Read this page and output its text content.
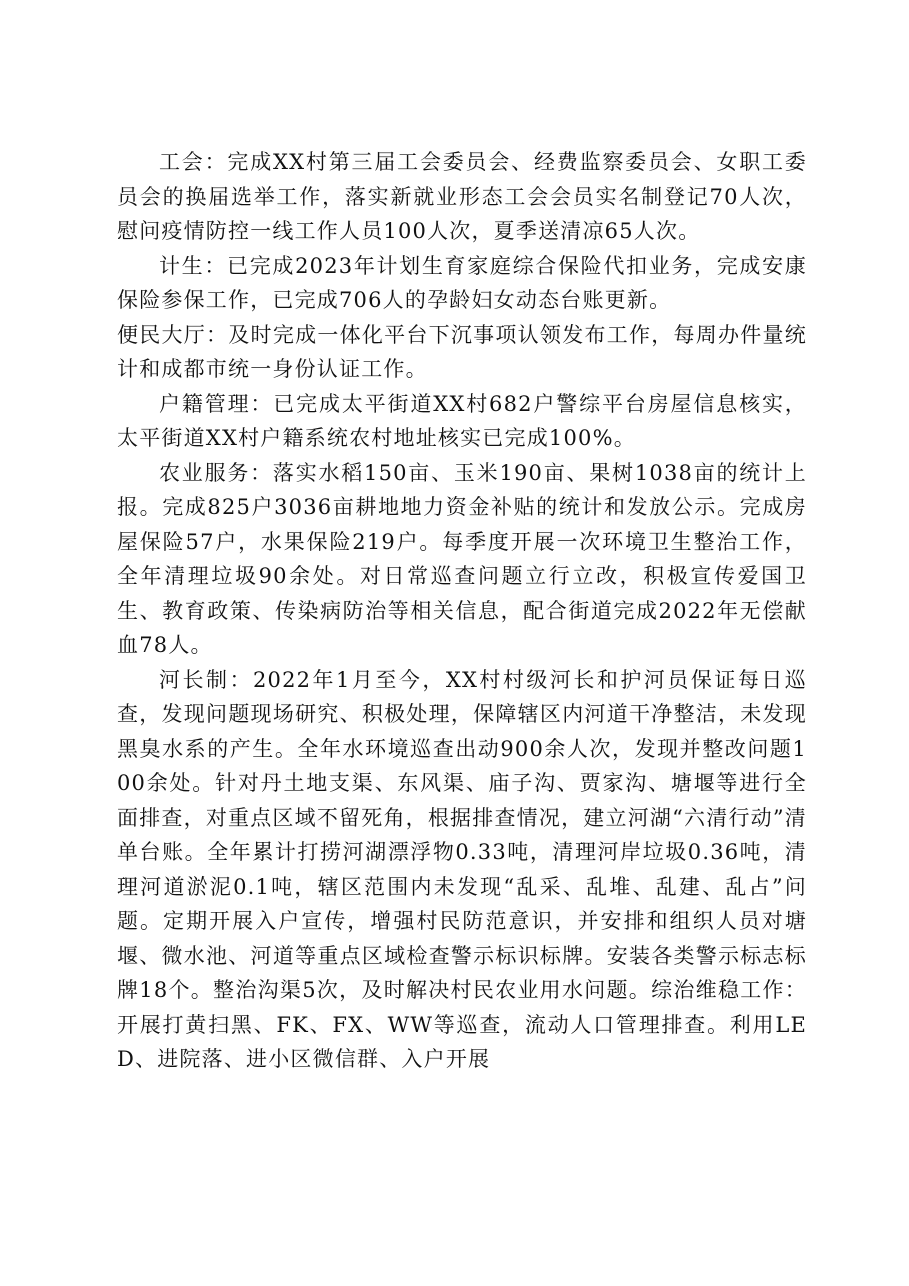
工会：完成XX村第三届工会委员会、经费监察委员会、女职工委员会的换届选举工作，落实新就业形态工会会员实名制登记70人次，慰问疫情防控一线工作人员100人次，夏季送清凉65人次。

计生：已完成2023年计划生育家庭综合保险代扣业务，完成安康保险参保工作，已完成706人的孕龄妇女动态台账更新。

便民大厅：及时完成一体化平台下沉事项认领发布工作，每周办件量统计和成都市统一身份认证工作。

户籍管理：已完成太平街道XX村682户警综平台房屋信息核实，太平街道XX村户籍系统农村地址核实已完成100%。

农业服务：落实水稻150亩、玉米190亩、果树1038亩的统计上报。完成825户3036亩耕地地力资金补贴的统计和发放公示。完成房屋保险57户，水果保险219户。每季度开展一次环境卫生整治工作，全年清理垃圾90余处。对日常巡查问题立行立改，积极宣传爱国卫生、教育政策、传染病防治等相关信息，配合街道完成2022年无偿献血78人。

河长制：2022年1月至今，XX村村级河长和护河员保证每日巡查，发现问题现场研究、积极处理，保障辖区内河道干净整洁，未发现黑臭水系的产生。全年水环境巡查出动900余人次，发现并整改问题100余处。针对丹土地支渠、东风渠、庙子沟、贾家沟、塘堰等进行全面排查，对重点区域不留死角，根据排查情况，建立河湖“六清行动”清单台账。全年累计打捞河湖漂浮物0.33吨，清理河岸垃圾0.36吨，清理河道淤泥0.1吨，辖区范围内未发现“乱采、乱堆、乱建、乱占”问题。定期开展入户宣传，增强村民防范意识，并安排和组织人员对塘堰、微水池、河道等重点区域检查警示标识标牌。安装各类警示标志标牌18个。整治沟渠5次，及时解决村民农业用水问题。综治维稳工作：开展打黄扫黑、FK、FX、WW等巡查，流动人口管理排查。利用LED、进院落、进小区微信群、入户开展
